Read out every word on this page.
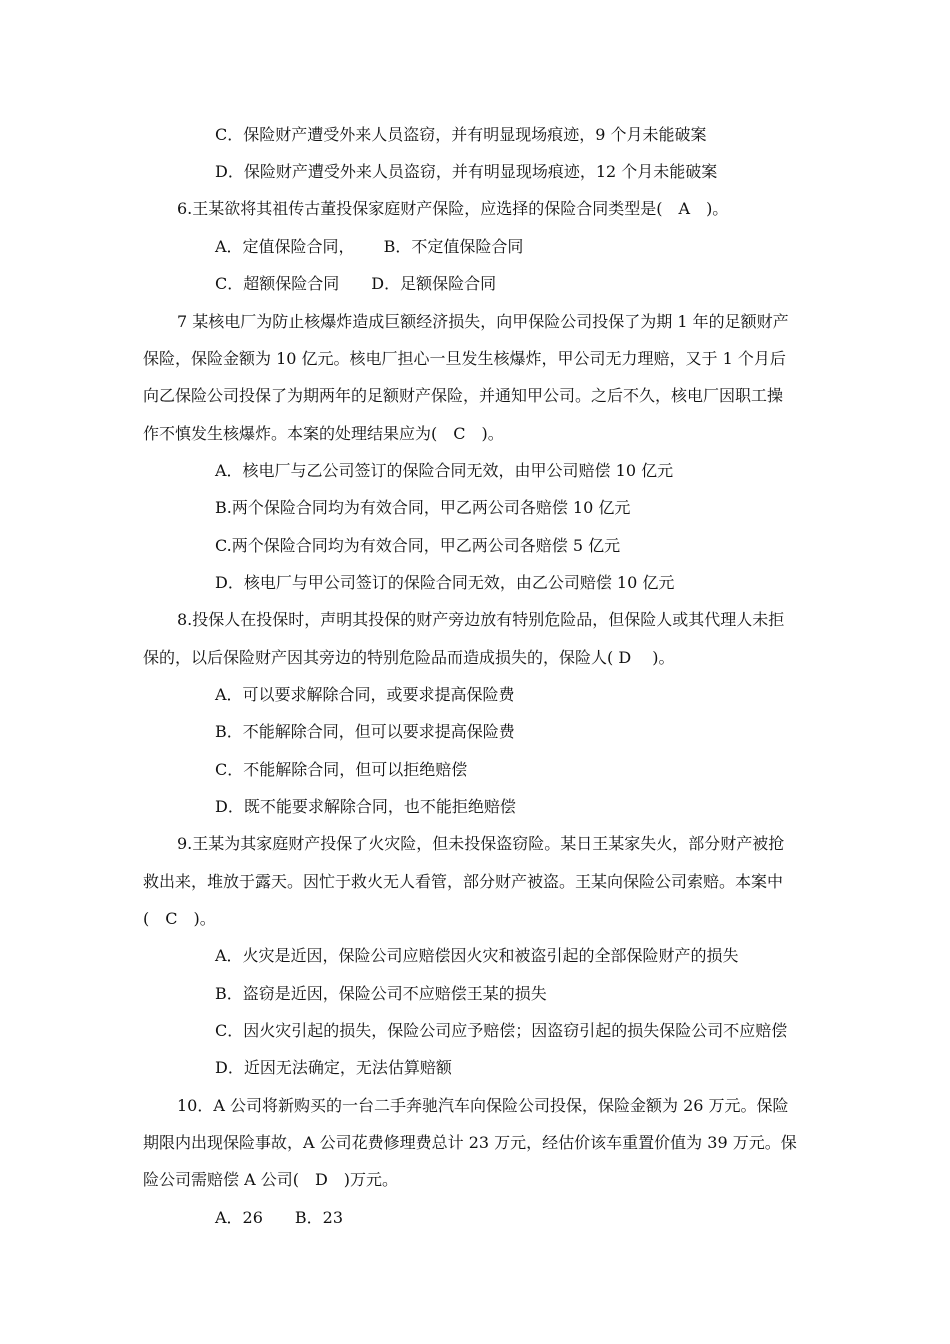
C．保险财产遭受外来人员盗窃，并有明显现场痕迹，9 个月未能破案
D．保险财产遭受外来人员盗窃，并有明显现场痕迹，12 个月未能破案
6.王某欲将其祖传古董投保家庭财产保险，应选择的保险合同类型是(　A　)。
A．定值保险合同，　　 B．不定值保险合同
C．超额保险合同　　D．足额保险合同
7 某核电厂为防止核爆炸造成巨额经济损失，向甲保险公司投保了为期 1 年的足额财产
保险，保险金额为 10 亿元。核电厂担心一旦发生核爆炸，甲公司无力理赔，又于 1 个月后
向乙保险公司投保了为期两年的足额财产保险，并通知甲公司。之后不久，核电厂因职工操
作不慎发生核爆炸。本案的处理结果应为(　C　)。
A．核电厂与乙公司签订的保险合同无效，由甲公司赔偿 10 亿元
B.两个保险合同均为有效合同，甲乙两公司各赔偿 10 亿元
C.两个保险合同均为有效合同，甲乙两公司各赔偿 5 亿元
D．核电厂与甲公司签订的保险合同无效，由乙公司赔偿 10 亿元
8.投保人在投保时，声明其投保的财产旁边放有特别危险品，但保险人或其代理人未拒
保的，以后保险财产因其旁边的特别危险品而造成损失的，保险人( D　 )。
A．可以要求解除合同，或要求提高保险费
B．不能解除合同，但可以要求提高保险费
C．不能解除合同，但可以拒绝赔偿
D．既不能要求解除合同，也不能拒绝赔偿
9.王某为其家庭财产投保了火灾险，但未投保盗窃险。某日王某家失火，部分财产被抢
救出来，堆放于露天。因忙于救火无人看管，部分财产被盗。王某向保险公司索赔。本案中
(　C　)。
A．火灾是近因，保险公司应赔偿因火灾和被盗引起的全部保险财产的损失
B．盗窃是近因，保险公司不应赔偿王某的损失
C．因火灾引起的损失，保险公司应予赔偿；因盗窃引起的损失保险公司不应赔偿
D．近因无法确定，无法估算赔额
10．A 公司将新购买的一台二手奔驰汽车向保险公司投保，保险金额为 26 万元。保险
期限内出现保险事故，A 公司花费修理费总计 23 万元，经估价该车重置价值为 39 万元。保
险公司需赔偿 A 公司(　D　)万元。
A．26　　B．23
